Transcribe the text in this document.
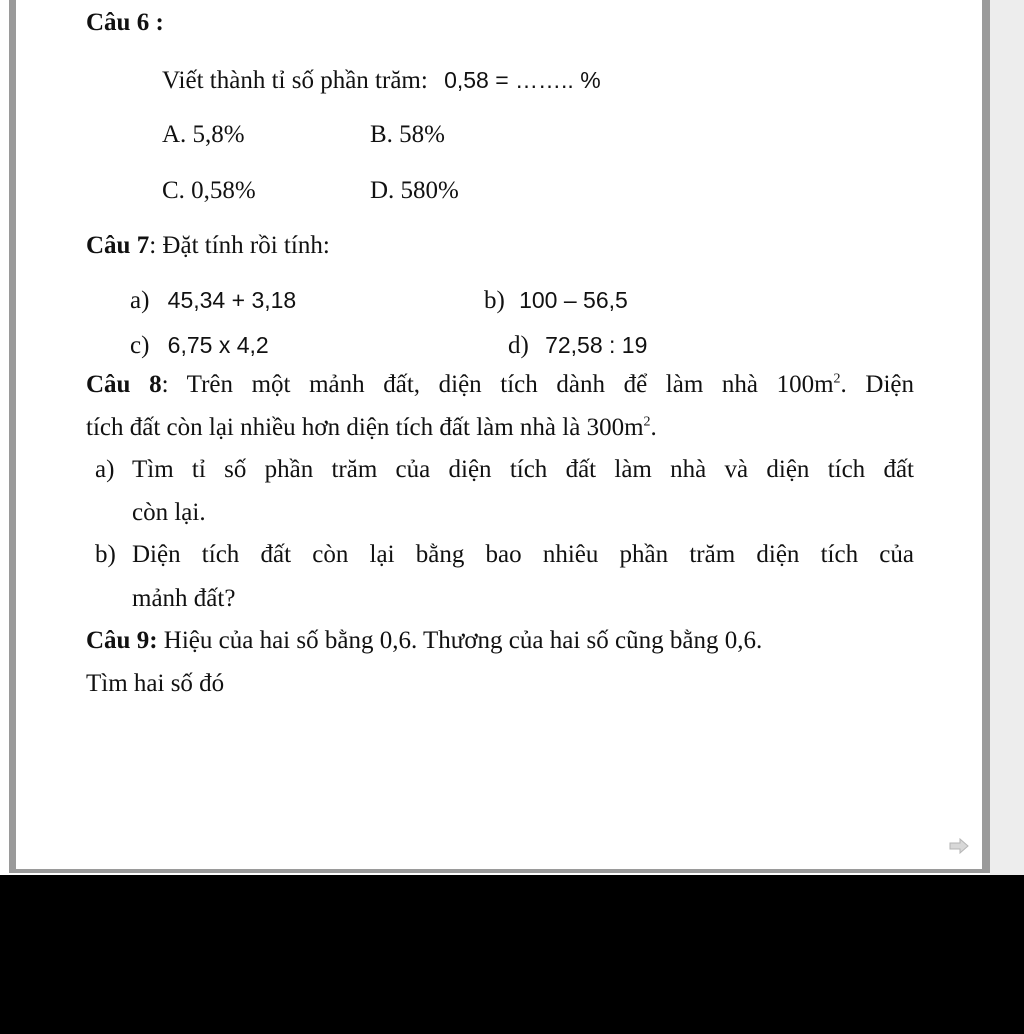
Câu 6 :
Viết thành tỉ số phần trăm: 0,58 = …….. %
A. 5,8%	B. 58%
C. 0,58%	D. 580%
Câu 7: Đặt tính rồi tính:
a) 45,34 + 3,18	b) 100 – 56,5
c) 6,75 x 4,2	d) 72,58 : 19
Câu 8: Trên một mảnh đất, diện tích dành để làm nhà $100m^2$. Diện
tích đất còn lại nhiều hơn diện tích đất làm nhà là $300m^2$.
a) Tìm tỉ số phần trăm của diện tích đất làm nhà và diện tích đất
còn lại.
b) Diện tích đất còn lại bằng bao nhiêu phần trăm diện tích của
mảnh đất?
Câu 9: Hiệu của hai số bằng 0,6. Thương của hai số cũng bằng 0,6.
Tìm hai số đó
